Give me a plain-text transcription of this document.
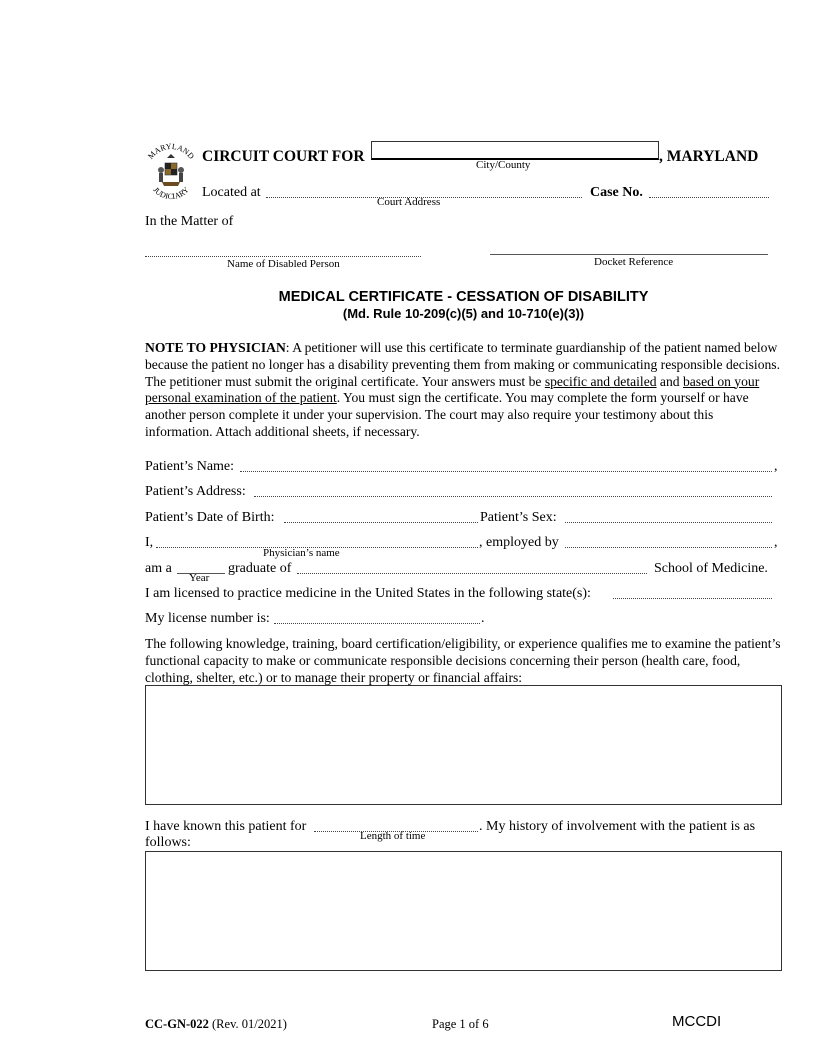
MARYLAND
JUDICIARY
CIRCUIT COURT FOR	City/County	, MARYLAND
Located at
Court Address
Case No.
In the Matter of
Name of Disabled Person	Docket Reference
MEDICAL CERTIFICATE - CESSATION OF DISABILITY
(Md. Rule 10-209(c)(5) and 10-710(e)(3))
NOTE TO PHYSICIAN: A petitioner will use this certificate to terminate guardianship of the patient named below because the patient no longer has a disability preventing them from making or communicating responsible decisions. The petitioner must submit the original certificate. Your answers must be specific and detailed and based on your personal examination of the patient. You must sign the certificate. You may complete the form yourself or have another person complete it under your supervision. The court may also require your testimony about this information. Attach additional sheets, if necessary.
Patient’s Name:	,
Patient’s Address:
Patient’s Date of Birth:	Patient’s Sex:
I,
Physician’s name
, employed by	,
am a
Year
graduate of	School of Medicine.
I am licensed to practice medicine in the United States in the following state(s):
My license number is:	.
The following knowledge, training, board certification/eligibility, or experience qualifies me to examine the patient’s functional capacity to make or communicate responsible decisions concerning their person (health care, food, clothing, shelter, etc.) or to manage their property or financial affairs:
I have known this patient for
Length of time
. My history of involvement with the patient is as
follows:
CC-GN-022 (Rev. 01/2021)	Page 1 of 6	MCCDI
